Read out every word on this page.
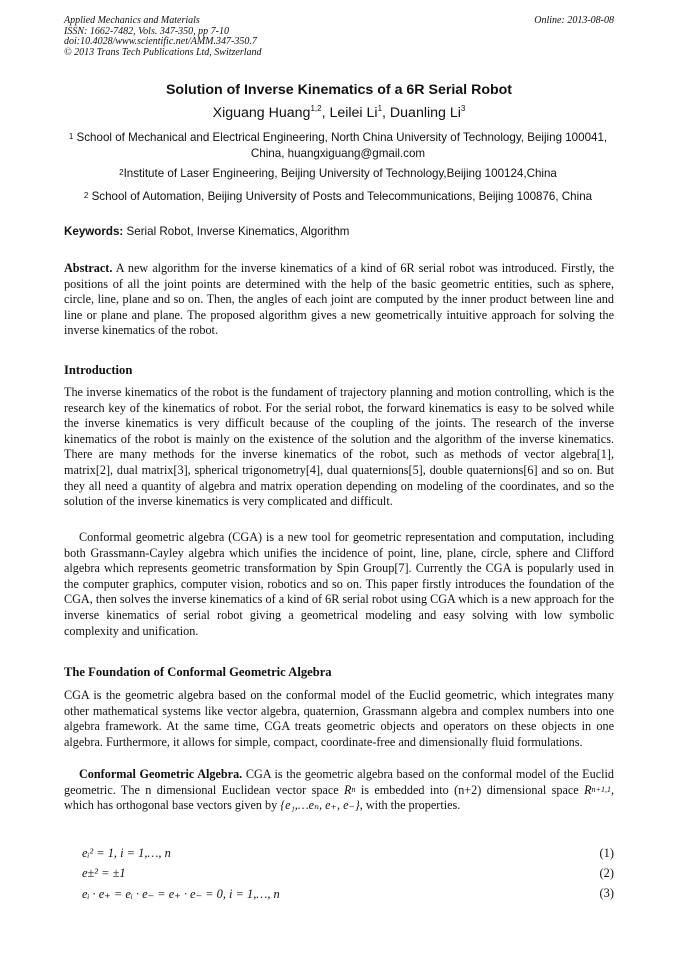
Applied Mechanics and Materials
ISSN: 1662-7482, Vols. 347-350, pp 7-10
doi:10.4028/www.scientific.net/AMM.347-350.7
© 2013 Trans Tech Publications Ltd, Switzerland
Online: 2013-08-08
Solution of Inverse Kinematics of a 6R Serial Robot
Xiguang Huang$^{1,2}$, Leilei Li$^1$, Duanling Li$^3$
$^1$ School of Mechanical and Electrical Engineering, North China University of Technology, Beijing 100041, China, huangxiguang@gmail.com
$^2$Institute of Laser Engineering, Beijing University of Technology,Beijing 100124,China
$^2$ School of Automation, Beijing University of Posts and Telecommunications, Beijing 100876, China
Keywords: Serial Robot, Inverse Kinematics, Algorithm
Abstract. A new algorithm for the inverse kinematics of a kind of 6R serial robot was introduced. Firstly, the positions of all the joint points are determined with the help of the basic geometric entities, such as sphere, circle, line, plane and so on. Then, the angles of each joint are computed by the inner product between line and line or plane and plane. The proposed algorithm gives a new geometrically intuitive approach for solving the inverse kinematics of the robot.
Introduction
The inverse kinematics of the robot is the fundament of trajectory planning and motion controlling, which is the research key of the kinematics of robot. For the serial robot, the forward kinematics is easy to be solved while the inverse kinematics is very difficult because of the coupling of the joints. The research of the inverse kinematics of the robot is mainly on the existence of the solution and the algorithm of the inverse kinematics. There are many methods for the inverse kinematics of the robot, such as methods of vector algebra[1], matrix[2], dual matrix[3], spherical trigonometry[4], dual quaternions[5], double quaternions[6] and so on. But they all need a quantity of algebra and matrix operation depending on modeling of the coordinates, and so the solution of the inverse kinematics is very complicated and difficult.
Conformal geometric algebra (CGA) is a new tool for geometric representation and computation, including both Grassmann-Cayley algebra which unifies the incidence of point, line, plane, circle, sphere and Clifford algebra which represents geometric transformation by Spin Group[7]. Currently the CGA is popularly used in the computer graphics, computer vision, robotics and so on. This paper firstly introduces the foundation of the CGA, then solves the inverse kinematics of a kind of 6R serial robot using CGA which is a new approach for the inverse kinematics of serial robot giving a geometrical modeling and easy solving with low symbolic complexity and unification.
The Foundation of Conformal Geometric Algebra
CGA is the geometric algebra based on the conformal model of the Euclid geometric, which integrates many other mathematical systems like vector algebra, quaternion, Grassmann algebra and complex numbers into one algebra framework. At the same time, CGA treats geometric objects and operators on these objects in one algebra. Furthermore, it allows for simple, compact, coordinate-free and dimensionally fluid formulations.
Conformal Geometric Algebra. CGA is the geometric algebra based on the conformal model of the Euclid geometric. The n dimensional Euclidean vector space $R^n$ is embedded into (n+2) dimensional space $R^{n+1,1}$, which has orthogonal base vectors given by {e₁,…eₙ, e₊, e₋}, with the properties.
eᵢ² = 1, i = 1,…, n	(1)
e±² = ±1	(2)
eᵢ · e₊ = eᵢ · e₋ = e₊ · e₋ = 0, i = 1,…, n	(3)
